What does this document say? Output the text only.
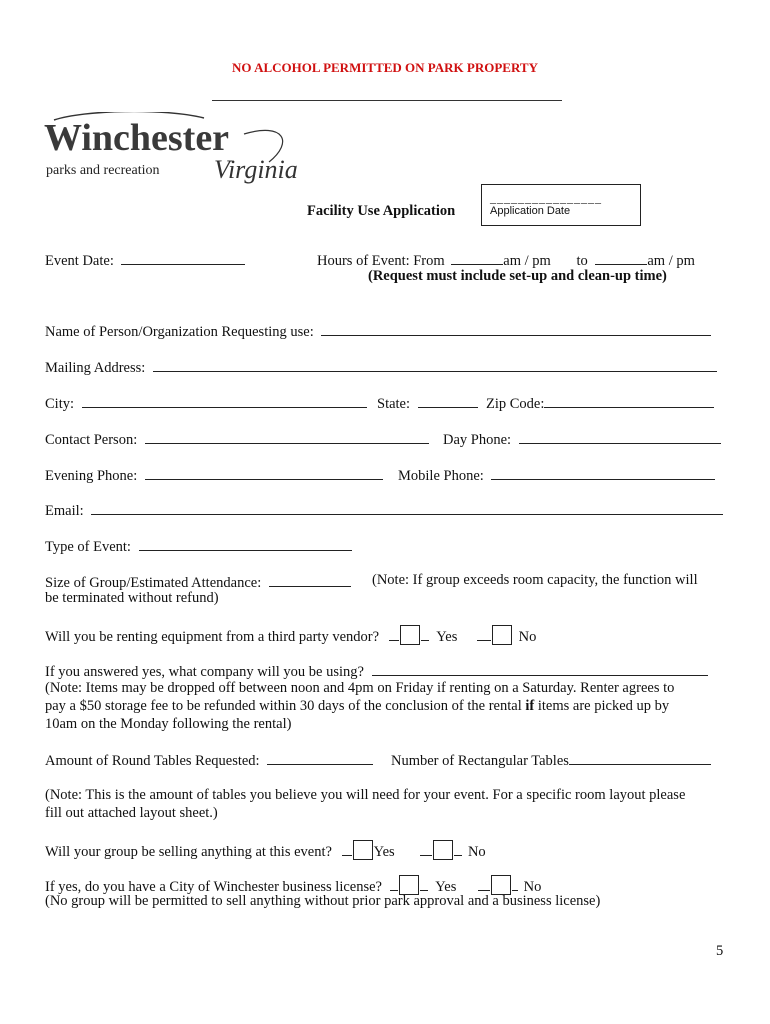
NO ALCOHOL PERMITTED ON PARK PROPERTY
Winchester
parks and recreation Virginia
________________
Application Date
Facility Use Application
Event Date:	Hours of Event: From	am / pm to	am / pm
(Request must include set-up and clean-up time)
Name of Person/Organization Requesting use:
Mailing Address:
City:	State:	Zip Code:
Contact Person:	Day Phone:
Evening Phone:	Mobile Phone:
Email:
Type of Event:
Size of Group/Estimated Attendance:	(Note: If group exceeds room capacity, the function will
be terminated without refund)
Will you be renting equipment from a third party vendor?	Yes	No
If you answered yes, what company will you be using?
(Note: Items may be dropped off between noon and 4pm on Friday if renting on a Saturday. Renter agrees to
pay a $50 storage fee to be refunded within 30 days of the conclusion of the rental if items are picked up by
10am on the Monday following the rental)
Amount of Round Tables Requested:	Number of Rectangular Tables
(Note: This is the amount of tables you believe you will need for your event. For a specific room layout please
fill out attached layout sheet.)
Will your group be selling anything at this event?	Yes	No
If yes, do you have a City of Winchester business license?	Yes	No
(No group will be permitted to sell anything without prior park approval and a business license)
5
